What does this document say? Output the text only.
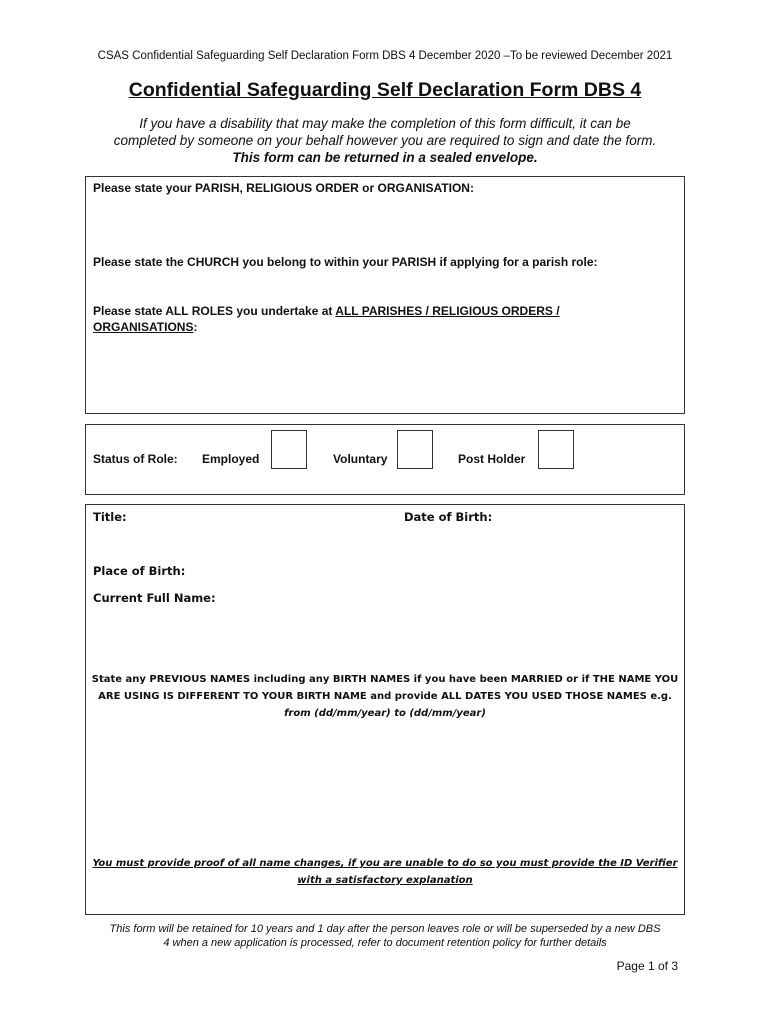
CSAS Confidential Safeguarding Self Declaration Form DBS 4 December 2020 –To be reviewed December 2021
Confidential Safeguarding Self Declaration Form DBS 4
If you have a disability that may make the completion of this form difficult, it can be
completed by someone on your behalf however you are required to sign and date the form.
This form can be returned in a sealed envelope.
Please state your PARISH, RELIGIOUS ORDER or ORGANISATION:
Please state the CHURCH you belong to within your PARISH if applying for a parish role:
Please state ALL ROLES you undertake at ALL PARISHES / RELIGIOUS ORDERS /
ORGANISATIONS:
Status of Role: Employed	Voluntary	Post Holder
Title:	Date of Birth:
Place of Birth:
Current Full Name:
State any PREVIOUS NAMES including any BIRTH NAMES if you have been MARRIED or if THE NAME YOU ARE USING IS DIFFERENT TO YOUR BIRTH NAME and provide ALL DATES YOU USED THOSE NAMES e.g. from (dd/mm/year) to (dd/mm/year)
You must provide proof of all name changes, if you are unable to do so you must provide the ID Verifier with a satisfactory explanation
This form will be retained for 10 years and 1 day after the person leaves role or will be superseded by a new DBS
4 when a new application is processed, refer to document retention policy for further details
Page 1 of 3
